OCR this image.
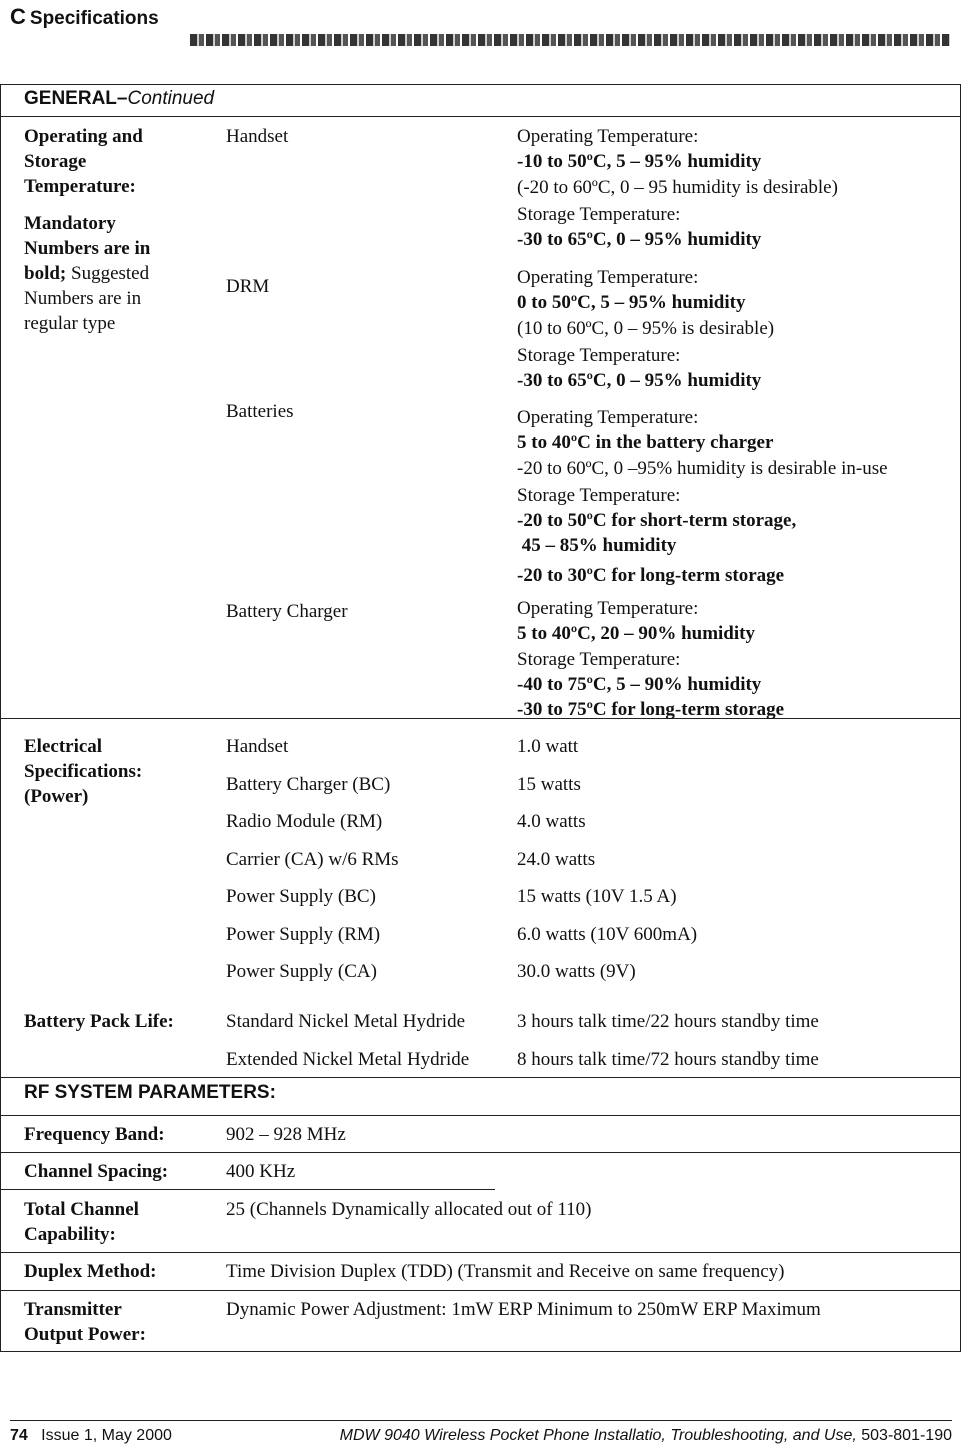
C Specifications
GENERAL–Continued
Operating and
Storage
Temperature:
Mandatory
Numbers are in
bold; Suggested
Numbers are in
regular type
Handset	Operating Temperature:
-10 to 50ºC, 5 – 95% humidity
(-20 to 60ºC, 0 – 95 humidity is desirable)
Storage Temperature:
-30 to 65ºC, 0 – 95% humidity
DRM	Operating Temperature:
0 to 50ºC, 5 – 95% humidity
(10 to 60ºC, 0 – 95% is desirable)
Storage Temperature:
-30 to 65ºC, 0 – 95% humidity
Batteries	Operating Temperature:
5 to 40ºC in the battery charger
-20 to 60ºC, 0 –95% humidity is desirable in-use
Storage Temperature:
-20 to 50ºC for short-term storage,
45 – 85% humidity
-20 to 30ºC for long-term storage
Battery Charger	Operating Temperature:
5 to 40ºC, 20 – 90% humidity
Storage Temperature:
-40 to 75ºC, 5 – 90% humidity
-30 to 75ºC for long-term storage
Electrical
Specifications:
(Power)
Handset	1.0 watt
Battery Charger (BC)	15 watts
Radio Module (RM)	4.0 watts
Carrier (CA) w/6 RMs	24.0 watts
Power Supply (BC)	15 watts (10V 1.5 A)
Power Supply (RM)	6.0 watts (10V 600mA)
Power Supply (CA)	30.0 watts (9V)
Battery Pack Life:	Standard Nickel Metal Hydride	3 hours talk time/22 hours standby time
Extended Nickel Metal Hydride	8 hours talk time/72 hours standby time
RF SYSTEM PARAMETERS:
Frequency Band:	902 – 928 MHz
Channel Spacing:	400 KHz
Total Channel
Capability:
25 (Channels Dynamically allocated out of 110)
Duplex Method:	Time Division Duplex (TDD) (Transmit and Receive on same frequency)
Transmitter
Output Power:
Dynamic Power Adjustment: 1mW ERP Minimum to 250mW ERP Maximum
74 Issue 1, May 2000	MDW 9040 Wireless Pocket Phone Installatio, Troubleshooting, and Use, 503-801-190
